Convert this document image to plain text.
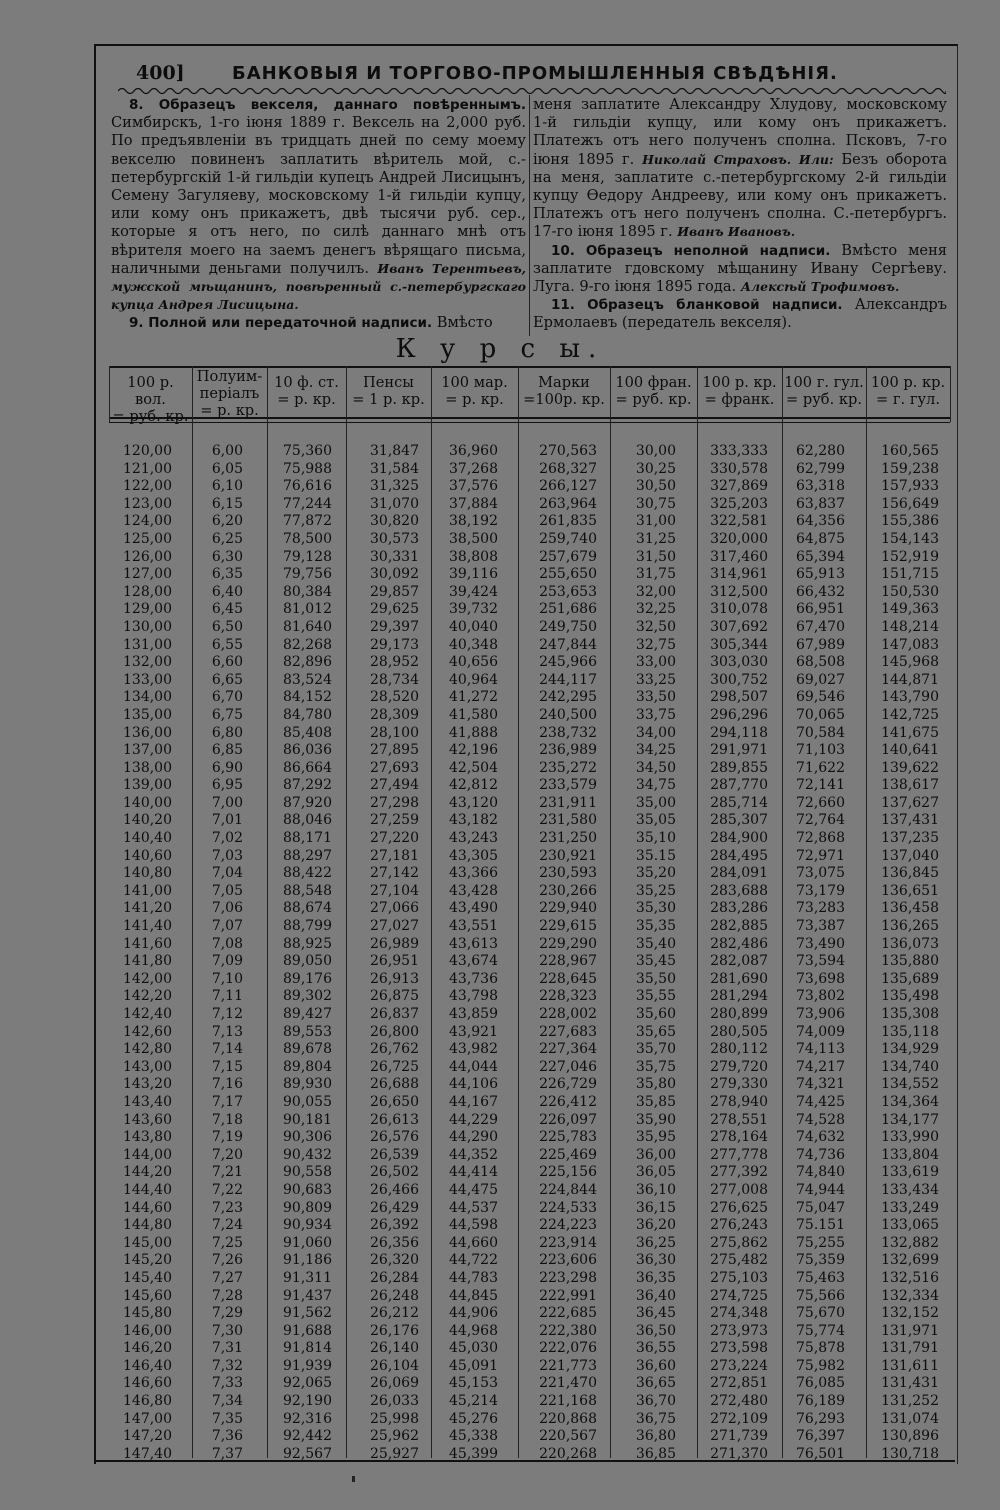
400]	БАНКОВЫЯ И ТОРГОВО-ПРОМЫШЛЕННЫЯ СВѢДѢНІЯ.

8. Образецъ векселя, даннаго повѣреннымъ. Симбирскъ, 1-го іюня 1889 г. Вексель на 2,000 руб. По предъявленіи въ тридцать дней по сему моему векселю повиненъ заплатить вѣритель мой, с.-петербургскій 1-й гильдіи купецъ Андрей Лисицынъ, Семену Загуляеву, московскому 1-й гильдіи купцу, или кому онъ прикажетъ, двѣ тысячи руб. сер., которые я отъ него, по силѣ даннаго мнѣ отъ вѣрителя моего на заемъ денегъ вѣрящаго письма, наличными деньгами получилъ. Иванъ Терентьевъ, мужской мѣщанинъ, повѣренный с.-петербургскаго купца Андрея Лисицына.

9. Полной или передаточной надписи. Вмѣсто

меня заплатите Александру Хлудову, московскому 1-й гильдіи купцу, или кому онъ прикажетъ. Платежъ отъ него полученъ сполна. Псковъ, 7-го іюня 1895 г. Николай Страховъ. Или: Безъ оборота на меня, заплатите с.-петербургскому 2-й гильдіи купцу Ѳедору Андрееву, или кому онъ прикажетъ. Платежъ отъ него полученъ сполна. С.-петербургъ. 17-го іюня 1895 г. Иванъ Ивановъ.

10. Образецъ неполной надписи. Вмѣсто меня заплатите гдовскому мѣщанину Ивану Сергѣеву. Луга. 9-го іюня 1895 года. Алексѣй Трофимовъ.

11. Образецъ бланковой надписи. Александръ Ермолаевъ (передатель векселя).

К у р с ы.
100 р. вол.
= руб. кр.
Полуим-
періалъ
= р. кр.
10 ф. ст.
= р. кр.
Пенсы
= 1 р. кр.
100 мар.
= р. кр.
Марки
=100р. кр.
100 фран.
= руб. кр.
100 р. кр.
= франк.
100 г. гул.
= руб. кр.
100 р. кр.
= г. гул.
120,00
121,00
122,00
123,00
124,00
125,00
126,00
127,00
128,00
129,00
130,00
131,00
132,00
133,00
134,00
135,00
136,00
137,00
138,00
139,00
140,00
140,20
140,40
140,60
140,80
141,00
141,20
141,40
141,60
141,80
142,00
142,20
142,40
142,60
142,80
143,00
143,20
143,40
143,60
143,80
144,00
144,20
144,40
144,60
144,80
145,00
145,20
145,40
145,60
145,80
146,00
146,20
146,40
146,60
146,80
147,00
147,20
147,40
6,00
6,05
6,10
6,15
6,20
6,25
6,30
6,35
6,40
6,45
6,50
6,55
6,60
6,65
6,70
6,75
6,80
6,85
6,90
6,95
7,00
7,01
7,02
7,03
7,04
7,05
7,06
7,07
7,08
7,09
7,10
7,11
7,12
7,13
7,14
7,15
7,16
7,17
7,18
7,19
7,20
7,21
7,22
7,23
7,24
7,25
7,26
7,27
7,28
7,29
7,30
7,31
7,32
7,33
7,34
7,35
7,36
7,37
75,360
75,988
76,616
77,244
77,872
78,500
79,128
79,756
80,384
81,012
81,640
82,268
82,896
83,524
84,152
84,780
85,408
86,036
86,664
87,292
87,920
88,046
88,171
88,297
88,422
88,548
88,674
88,799
88,925
89,050
89,176
89,302
89,427
89,553
89,678
89,804
89,930
90,055
90,181
90,306
90,432
90,558
90,683
90,809
90,934
91,060
91,186
91,311
91,437
91,562
91,688
91,814
91,939
92,065
92,190
92,316
92,442
92,567
31,847
31,584
31,325
31,070
30,820
30,573
30,331
30,092
29,857
29,625
29,397
29,173
28,952
28,734
28,520
28,309
28,100
27,895
27,693
27,494
27,298
27,259
27,220
27,181
27,142
27,104
27,066
27,027
26,989
26,951
26,913
26,875
26,837
26,800
26,762
26,725
26,688
26,650
26,613
26,576
26,539
26,502
26,466
26,429
26,392
26,356
26,320
26,284
26,248
26,212
26,176
26,140
26,104
26,069
26,033
25,998
25,962
25,927
36,960
37,268
37,576
37,884
38,192
38,500
38,808
39,116
39,424
39,732
40,040
40,348
40,656
40,964
41,272
41,580
41,888
42,196
42,504
42,812
43,120
43,182
43,243
43,305
43,366
43,428
43,490
43,551
43,613
43,674
43,736
43,798
43,859
43,921
43,982
44,044
44,106
44,167
44,229
44,290
44,352
44,414
44,475
44,537
44,598
44,660
44,722
44,783
44,845
44,906
44,968
45,030
45,091
45,153
45,214
45,276
45,338
45,399
270,563
268,327
266,127
263,964
261,835
259,740
257,679
255,650
253,653
251,686
249,750
247,844
245,966
244,117
242,295
240,500
238,732
236,989
235,272
233,579
231,911
231,580
231,250
230,921
230,593
230,266
229,940
229,615
229,290
228,967
228,645
228,323
228,002
227,683
227,364
227,046
226,729
226,412
226,097
225,783
225,469
225,156
224,844
224,533
224,223
223,914
223,606
223,298
222,991
222,685
222,380
222,076
221,773
221,470
221,168
220,868
220,567
220,268
30,00
30,25
30,50
30,75
31,00
31,25
31,50
31,75
32,00
32,25
32,50
32,75
33,00
33,25
33,50
33,75
34,00
34,25
34,50
34,75
35,00
35,05
35,10
35.15
35,20
35,25
35,30
35,35
35,40
35,45
35,50
35,55
35,60
35,65
35,70
35,75
35,80
35,85
35,90
35,95
36,00
36,05
36,10
36,15
36,20
36,25
36,30
36,35
36,40
36,45
36,50
36,55
36,60
36,65
36,70
36,75
36,80
36,85
333,333
330,578
327,869
325,203
322,581
320,000
317,460
314,961
312,500
310,078
307,692
305,344
303,030
300,752
298,507
296,296
294,118
291,971
289,855
287,770
285,714
285,307
284,900
284,495
284,091
283,688
283,286
282,885
282,486
282,087
281,690
281,294
280,899
280,505
280,112
279,720
279,330
278,940
278,551
278,164
277,778
277,392
277,008
276,625
276,243
275,862
275,482
275,103
274,725
274,348
273,973
273,598
273,224
272,851
272,480
272,109
271,739
271,370
62,280
62,799
63,318
63,837
64,356
64,875
65,394
65,913
66,432
66,951
67,470
67,989
68,508
69,027
69,546
70,065
70,584
71,103
71,622
72,141
72,660
72,764
72,868
72,971
73,075
73,179
73,283
73,387
73,490
73,594
73,698
73,802
73,906
74,009
74,113
74,217
74,321
74,425
74,528
74,632
74,736
74,840
74,944
75,047
75.151
75,255
75,359
75,463
75,566
75,670
75,774
75,878
75,982
76,085
76,189
76,293
76,397
76,501
160,565
159,238
157,933
156,649
155,386
154,143
152,919
151,715
150,530
149,363
148,214
147,083
145,968
144,871
143,790
142,725
141,675
140,641
139,622
138,617
137,627
137,431
137,235
137,040
136,845
136,651
136,458
136,265
136,073
135,880
135,689
135,498
135,308
135,118
134,929
134,740
134,552
134,364
134,177
133,990
133,804
133,619
133,434
133,249
133,065
132,882
132,699
132,516
132,334
132,152
131,971
131,791
131,611
131,431
131,252
131,074
130,896
130,718
